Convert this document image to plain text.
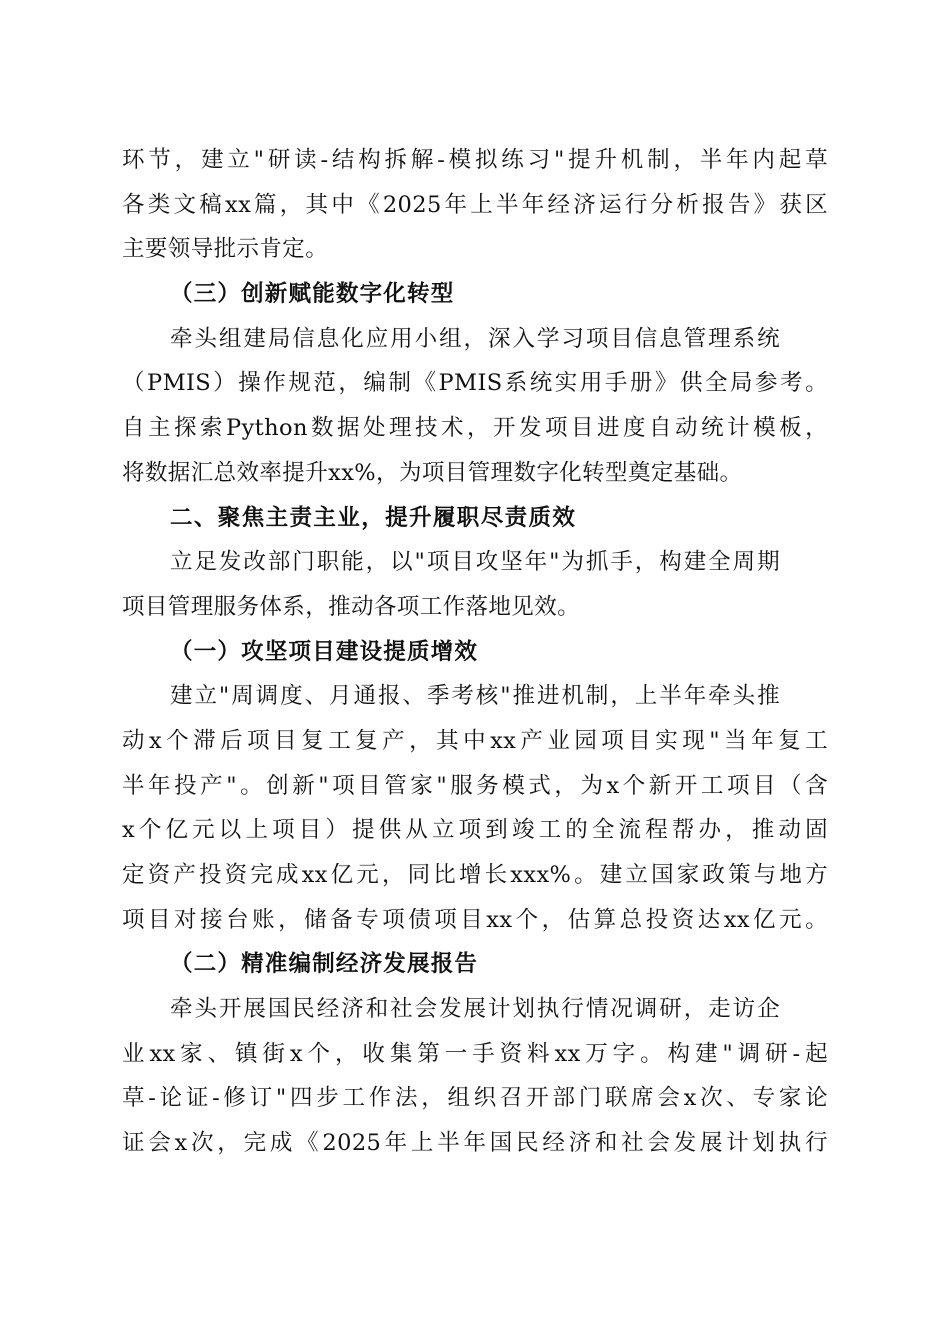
环节，建立"研读-结构拆解-模拟练习"提升机制，半年内起草
各类文稿xx篇，其中《2025年上半年经济运行分析报告》获区
主要领导批示肯定。
（三）创新赋能数字化转型
牵头组建局信息化应用小组，深入学习项目信息管理系统
（PMIS）操作规范，编制《PMIS系统实用手册》供全局参考。
自主探索Python数据处理技术，开发项目进度自动统计模板，
将数据汇总效率提升xx%，为项目管理数字化转型奠定基础。
二、聚焦主责主业，提升履职尽责质效
立足发改部门职能，以"项目攻坚年"为抓手，构建全周期
项目管理服务体系，推动各项工作落地见效。
（一）攻坚项目建设提质增效
建立"周调度、月通报、季考核"推进机制，上半年牵头推
动x个滞后项目复工复产，其中xx产业园项目实现"当年复工
半年投产"。创新"项目管家"服务模式，为x个新开工项目（含
x个亿元以上项目）提供从立项到竣工的全流程帮办，推动固
定资产投资完成xx亿元，同比增长xxx%。建立国家政策与地方
项目对接台账，储备专项债项目xx个，估算总投资达xx亿元。
（二）精准编制经济发展报告
牵头开展国民经济和社会发展计划执行情况调研，走访企
业xx家、镇街x个，收集第一手资料xx万字。构建"调研-起
草-论证-修订"四步工作法，组织召开部门联席会x次、专家论
证会x次，完成《2025年上半年国民经济和社会发展计划执行
